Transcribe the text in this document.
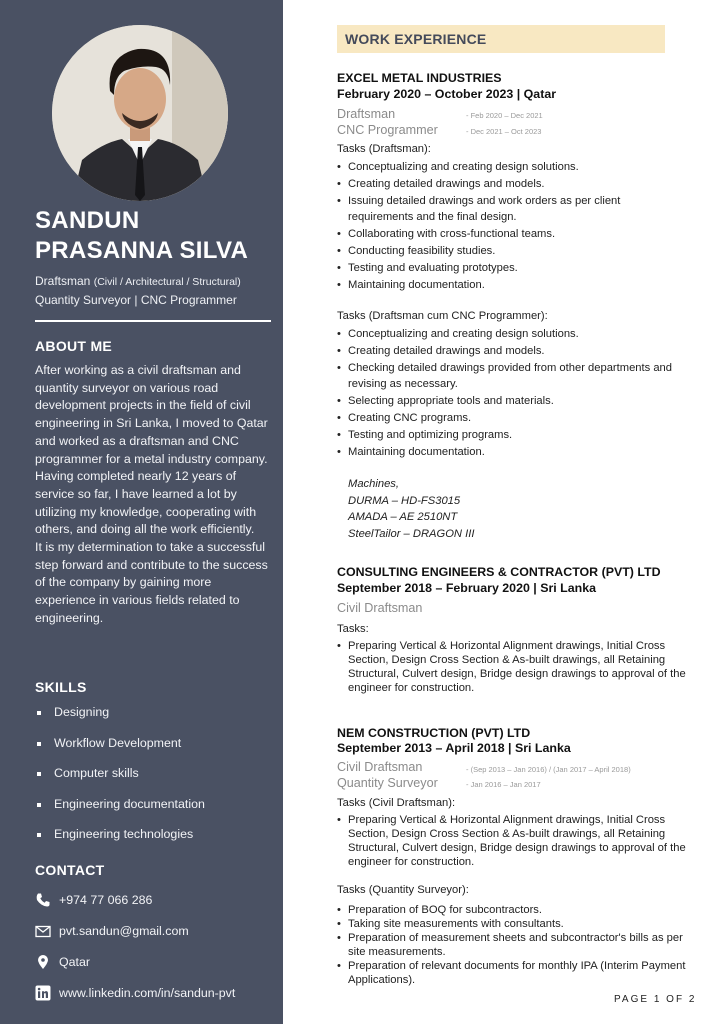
SANDUN
PRASANNA SILVA
Draftsman (Civil / Architectural / Structural)
Quantity Surveyor | CNC Programmer
ABOUT ME

After working as a civil draftsman and quantity surveyor on various road development projects in the field of civil engineering in Sri Lanka, I moved to Qatar and worked as a draftsman and CNC programmer for a metal industry company.

Having completed nearly 12 years of service so far, I have learned a lot by utilizing my knowledge, cooperating with others, and doing all the work efficiently.

It is my determination to take a successful step forward and contribute to the success of the company by gaining more experience in various fields related to engineering.

SKILLS
Designing
Workflow Development
Computer skills
Engineering documentation
Engineering technologies
CONTACT
+974 77 066 286
pvt.sandun@gmail.com
Qatar
www.linkedin.com/in/sandun-pvt
WORK EXPERIENCE
EXCEL METAL INDUSTRIES
February 2020 – October 2023 | Qatar
Draftsman	- Feb 2020 – Dec 2021
CNC Programmer	- Dec 2021 – Oct 2023
Tasks (Draftsman):
• Conceptualizing and creating design solutions.
• Creating detailed drawings and models.
• Issuing detailed drawings and work orders as per client requirements and the final design.
• Collaborating with cross-functional teams.
• Conducting feasibility studies.
• Testing and evaluating prototypes.
• Maintaining documentation.
Tasks (Draftsman cum CNC Programmer):
• Conceptualizing and creating design solutions.
• Creating detailed drawings and models.
• Checking detailed drawings provided from other departments and revising as necessary.
• Selecting appropriate tools and materials.
• Creating CNC programs.
• Testing and optimizing programs.
• Maintaining documentation.
Machines,
DURMA – HD-FS3015
AMADA – AE 2510NT
SteelTailor – DRAGON III
CONSULTING ENGINEERS & CONTRACTOR (PVT) LTD
September 2018 – February 2020 | Sri Lanka
Civil Draftsman
Tasks:
• Preparing Vertical & Horizontal Alignment drawings, Initial Cross Section, Design Cross Section & As-built drawings, all Retaining Structural, Culvert design, Bridge design drawings to approval of the engineer for construction.
NEM CONSTRUCTION (PVT) LTD
September 2013 – April 2018 | Sri Lanka
Civil Draftsman	- (Sep 2013 – Jan 2016) / (Jan 2017 – April 2018)
Quantity Surveyor	- Jan 2016 – Jan 2017
Tasks (Civil Draftsman):
• Preparing Vertical & Horizontal Alignment drawings, Initial Cross Section, Design Cross Section & As-built drawings, all Retaining Structural, Culvert design, Bridge design drawings to approval of the engineer for construction.
Tasks (Quantity Surveyor):
• Preparation of BOQ for subcontractors.
• Taking site measurements with consultants.
• Preparation of measurement sheets and subcontractor's bills as per site measurements.
• Preparation of relevant documents for monthly IPA (Interim Payment Applications).
PAGE 1 OF 2
